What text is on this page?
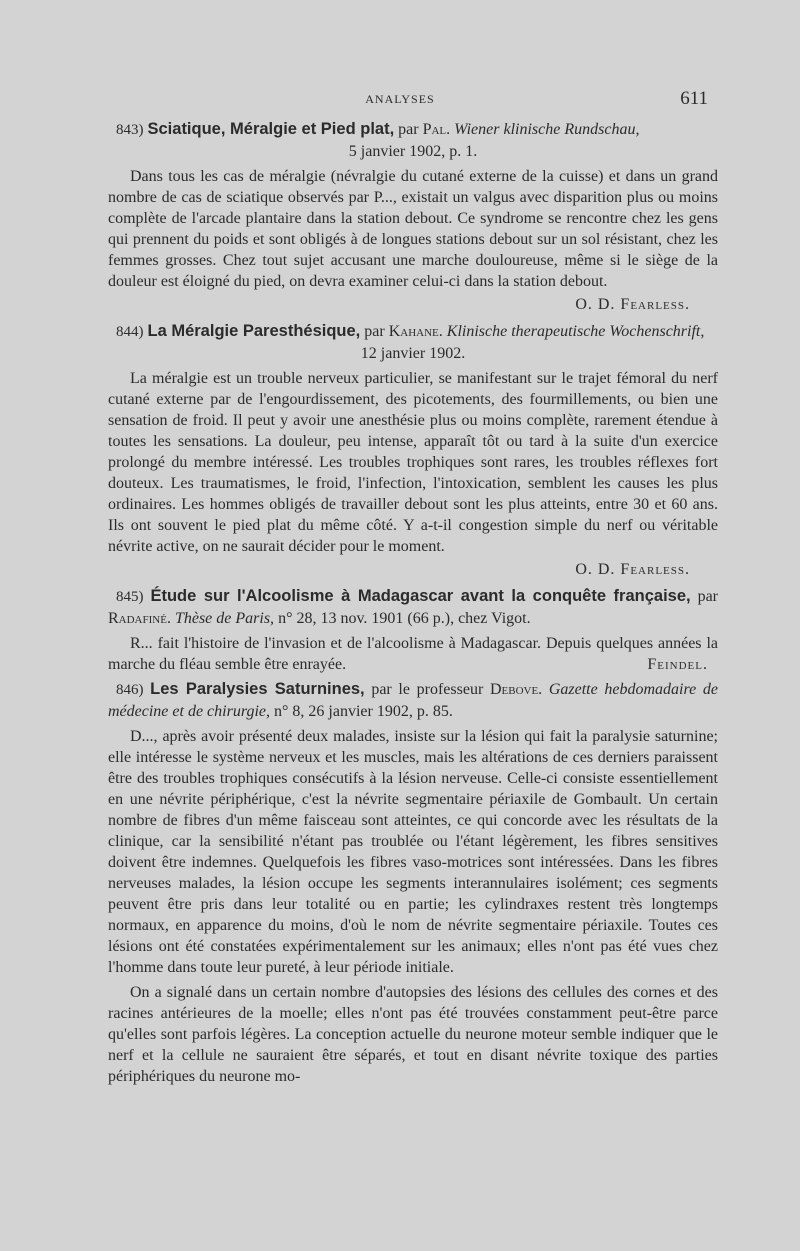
ANALYSES	611

843) Sciatique, Méralgie et Pied plat, par Pal. Wiener klinische Rundschau,
5 janvier 1902, p. 1.

Dans tous les cas de méralgie (névralgie du cutané externe de la cuisse) et dans un grand nombre de cas de sciatique observés par P..., existait un valgus avec disparition plus ou moins complète de l'arcade plantaire dans la station debout. Ce syndrome se rencontre chez les gens qui prennent du poids et sont obligés à de longues stations debout sur un sol résistant, chez les femmes grosses. Chez tout sujet accusant une marche douloureuse, même si le siège de la douleur est éloigné du pied, on devra examiner celui-ci dans la station debout.

O. D. Fearless.

844) La Méralgie Paresthésique, par Kahane. Klinische therapeutische Wochenschrift,
12 janvier 1902.

La méralgie est un trouble nerveux particulier, se manifestant sur le trajet fémoral du nerf cutané externe par de l'engourdissement, des picotements, des fourmillements, ou bien une sensation de froid. Il peut y avoir une anesthésie plus ou moins complète, rarement étendue à toutes les sensations. La douleur, peu intense, apparaît tôt ou tard à la suite d'un exercice prolongé du membre intéressé. Les troubles trophiques sont rares, les troubles réflexes fort douteux. Les traumatismes, le froid, l'infection, l'intoxication, semblent les causes les plus ordinaires. Les hommes obligés de travailler debout sont les plus atteints, entre 30 et 60 ans. Ils ont souvent le pied plat du même côté. Y a-t-il congestion simple du nerf ou véritable névrite active, on ne saurait décider pour le moment.

O. D. Fearless.

845) Étude sur l'Alcoolisme à Madagascar avant la conquête française, par Radafiné. Thèse de Paris, n° 28, 13 nov. 1901 (66 p.), chez Vigot.

R... fait l'histoire de l'invasion et de l'alcoolisme à Madagascar. Depuis quelques années la marche du fléau semble être enrayée.	Feindel.

846) Les Paralysies Saturnines, par le professeur Debove. Gazette hebdomadaire de médecine et de chirurgie, n° 8, 26 janvier 1902, p. 85.

D..., après avoir présenté deux malades, insiste sur la lésion qui fait la paralysie saturnine; elle intéresse le système nerveux et les muscles, mais les altérations de ces derniers paraissent être des troubles trophiques consécutifs à la lésion nerveuse. Celle-ci consiste essentiellement en une névrite périphérique, c'est la névrite segmentaire périaxile de Gombault. Un certain nombre de fibres d'un même faisceau sont atteintes, ce qui concorde avec les résultats de la clinique, car la sensibilité n'étant pas troublée ou l'étant légèrement, les fibres sensitives doivent être indemnes. Quelquefois les fibres vaso-motrices sont intéressées. Dans les fibres nerveuses malades, la lésion occupe les segments interannulaires isolément; ces segments peuvent être pris dans leur totalité ou en partie; les cylindraxes restent très longtemps normaux, en apparence du moins, d'où le nom de névrite segmentaire périaxile. Toutes ces lésions ont été constatées expérimentalement sur les animaux; elles n'ont pas été vues chez l'homme dans toute leur pureté, à leur période initiale.

On a signalé dans un certain nombre d'autopsies des lésions des cellules des cornes et des racines antérieures de la moelle; elles n'ont pas été trouvées constamment peut-être parce qu'elles sont parfois légères. La conception actuelle du neurone moteur semble indiquer que le nerf et la cellule ne sauraient être séparés, et tout en disant névrite toxique des parties périphériques du neurone mo-
